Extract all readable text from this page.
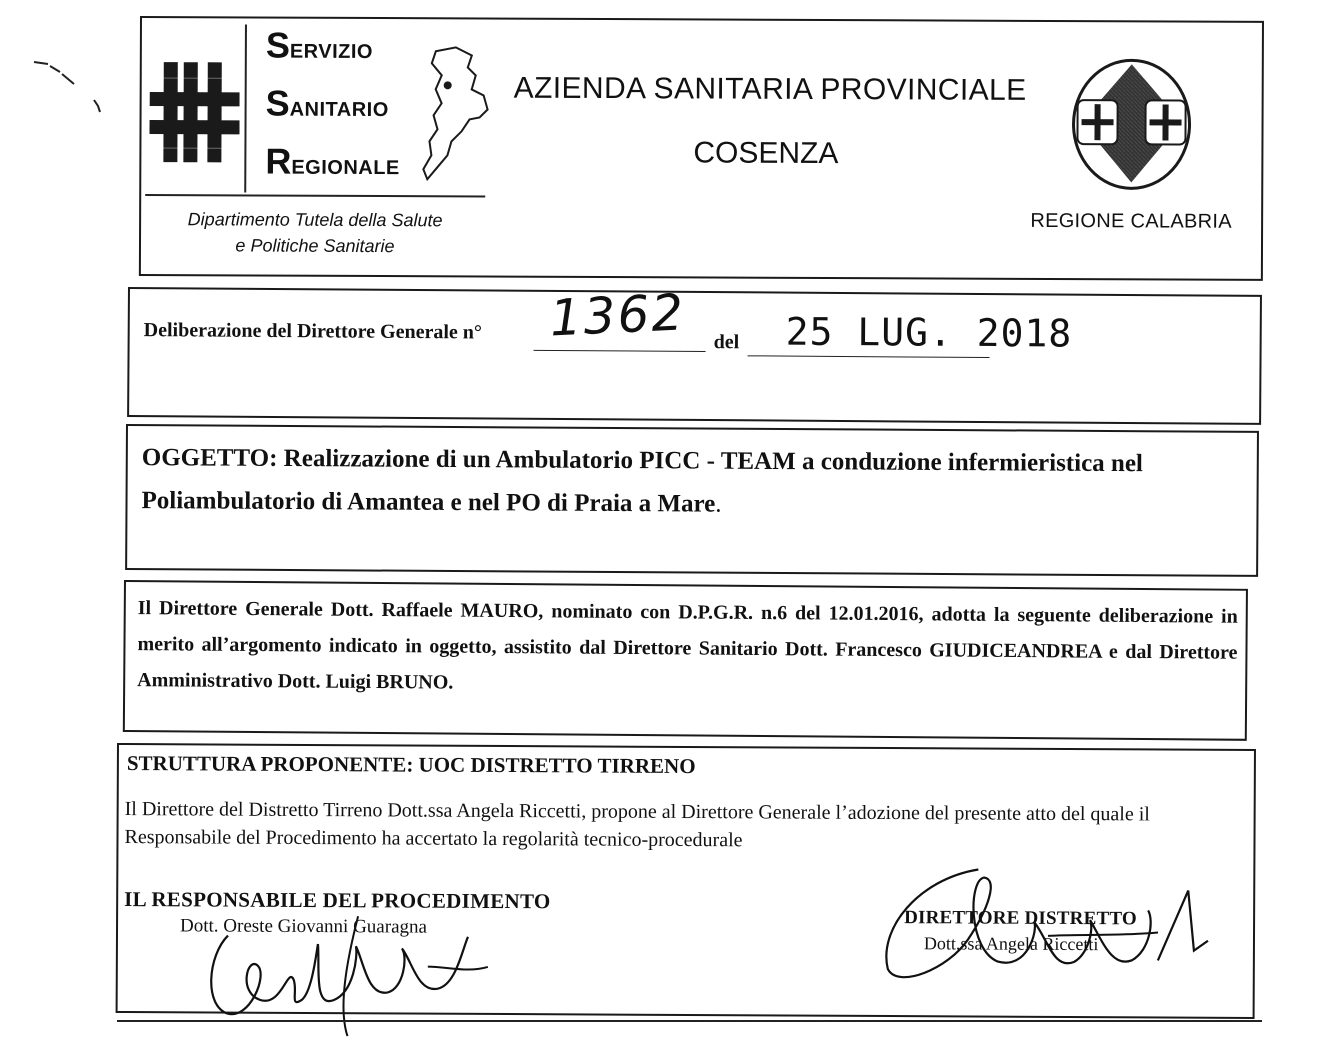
SERVIZIO
SANITARIO
REGIONALE
AZIENDA SANITARIA PROVINCIALE
COSENZA
Dipartimento Tutela della Salute
e Politiche Sanitarie
REGIONE CALABRIA
Deliberazione del Direttore Generale n° 1362 del 25 LUG. 2018
OGGETTO: Realizzazione di un Ambulatorio PICC - TEAM a conduzione infermieristica nel Poliambulatorio di Amantea e nel PO di Praia a Mare.
Il Direttore Generale Dott. Raffaele MAURO, nominato con D.P.G.R. n.6 del 12.01.2016, adotta la seguente deliberazione in merito all’argomento indicato in oggetto, assistito dal Direttore Sanitario Dott. Francesco GIUDICEANDREA e dal Direttore Amministrativo Dott. Luigi BRUNO.
STRUTTURA PROPONENTE: UOC DISTRETTO TIRRENO
Il Direttore del Distretto Tirreno Dott.ssa Angela Riccetti, propone al Direttore Generale l’adozione del presente atto del quale il Responsabile del Procedimento ha accertato la regolarità tecnico-procedurale
IL RESPONSABILE DEL PROCEDIMENTO
Dott. Oreste Giovanni Guaragna	DIRETTORE DISTRETTO
Dott.ssa Angela Riccetti
